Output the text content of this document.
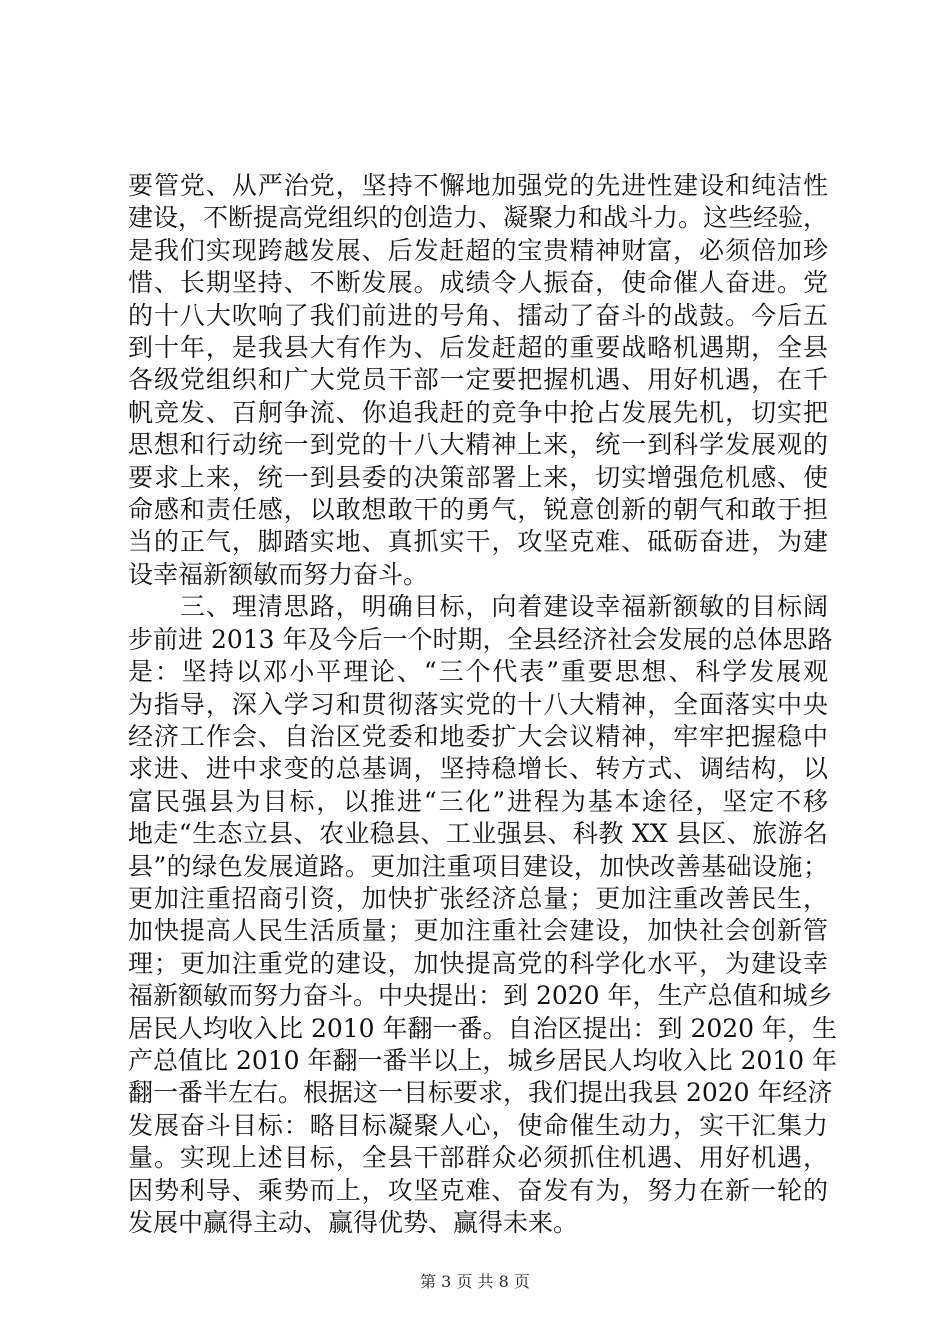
要管党、从严治党，坚持不懈地加强党的先进性建设和纯洁性
建设，不断提高党组织的创造力、凝聚力和战斗力。这些经验，
是我们实现跨越发展、后发赶超的宝贵精神财富，必须倍加珍
惜、长期坚持、不断发展。成绩令人振奋，使命催人奋进。党
的十八大吹响了我们前进的号角、擂动了奋斗的战鼓。今后五
到十年，是我县大有作为、后发赶超的重要战略机遇期，全县
各级党组织和广大党员干部一定要把握机遇、用好机遇，在千
帆竞发、百舸争流、你追我赶的竞争中抢占发展先机，切实把
思想和行动统一到党的十八大精神上来，统一到科学发展观的
要求上来，统一到县委的决策部署上来，切实增强危机感、使
命感和责任感，以敢想敢干的勇气，锐意创新的朝气和敢于担
当的正气，脚踏实地、真抓实干，攻坚克难、砥砺奋进，为建
设幸福新额敏而努力奋斗。
　　三、理清思路，明确目标，向着建设幸福新额敏的目标阔
步前进 2013 年及今后一个时期，全县经济社会发展的总体思路
是：坚持以邓小平理论、“三个代表”重要思想、科学发展观
为指导，深入学习和贯彻落实党的十八大精神，全面落实中央
经济工作会、自治区党委和地委扩大会议精神，牢牢把握稳中
求进、进中求变的总基调，坚持稳增长、转方式、调结构，以
富民强县为目标，以推进“三化”进程为基本途径，坚定不移
地走“生态立县、农业稳县、工业强县、科教 XX 县区、旅游名
县”的绿色发展道路。更加注重项目建设，加快改善基础设施；
更加注重招商引资，加快扩张经济总量；更加注重改善民生，
加快提高人民生活质量；更加注重社会建设，加快社会创新管
理；更加注重党的建设，加快提高党的科学化水平，为建设幸
福新额敏而努力奋斗。中央提出：到 2020 年，生产总值和城乡
居民人均收入比 2010 年翻一番。自治区提出：到 2020 年，生
产总值比 2010 年翻一番半以上，城乡居民人均收入比 2010 年
翻一番半左右。根据这一目标要求，我们提出我县 2020 年经济
发展奋斗目标：略目标凝聚人心，使命催生动力，实干汇集力
量。实现上述目标，全县干部群众必须抓住机遇、用好机遇，
因势利导、乘势而上，攻坚克难、奋发有为，努力在新一轮的
发展中赢得主动、赢得优势、赢得未来。
第 3 页 共 8 页
